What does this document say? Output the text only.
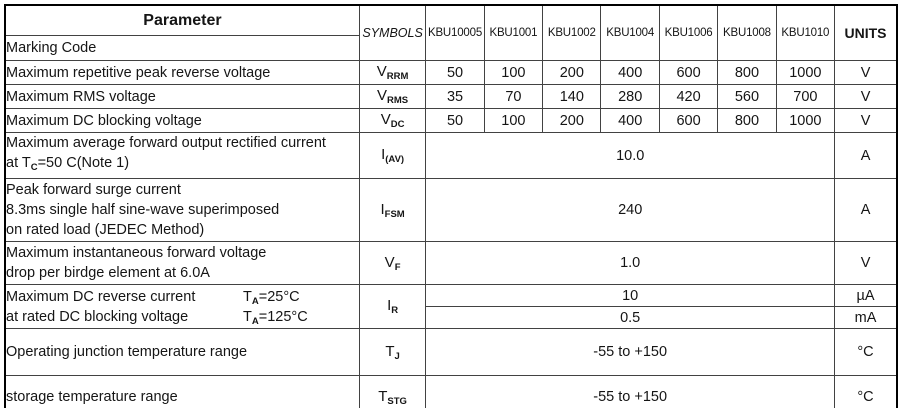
Parameter	SYMBOLS	KBU10005	KBU1001	KBU1002	KBU1004	KBU1006	KBU1008	KBU1010	UNITS
Marking Code									
Maximum repetitive peak reverse voltage	$V_{RRM}$	50	100	200	400	600	800	1000	V
Maximum RMS voltage	$V_{RMS}$	35	70	140	280	420	560	700	V
Maximum DC blocking voltage	$V_{DC}$	50	100	200	400	600	800	1000	V

Maximum average forward output rectified current
at $T_C=50$ C(Note 1)	$I_{(AV)}$	10.0							A

Peak forward surge current
8.3ms single half sine-wave superimposed
on rated load (JEDEC Method)	$I_{FSM}$	240							A

Maximum instantaneous forward voltage
drop per birdge element at 6.0A	$V_F$	1.0							V

Maximum DC reverse current $T_A=25^\circ C$
at rated DC blocking voltage $T_A=125^\circ C$	$I_R$	10							µA
		0.5							mA
Operating junction temperature range	$T_J$	-55 to +150							°C
storage temperature range	$T_{STG}$	-55 to +150							°C
